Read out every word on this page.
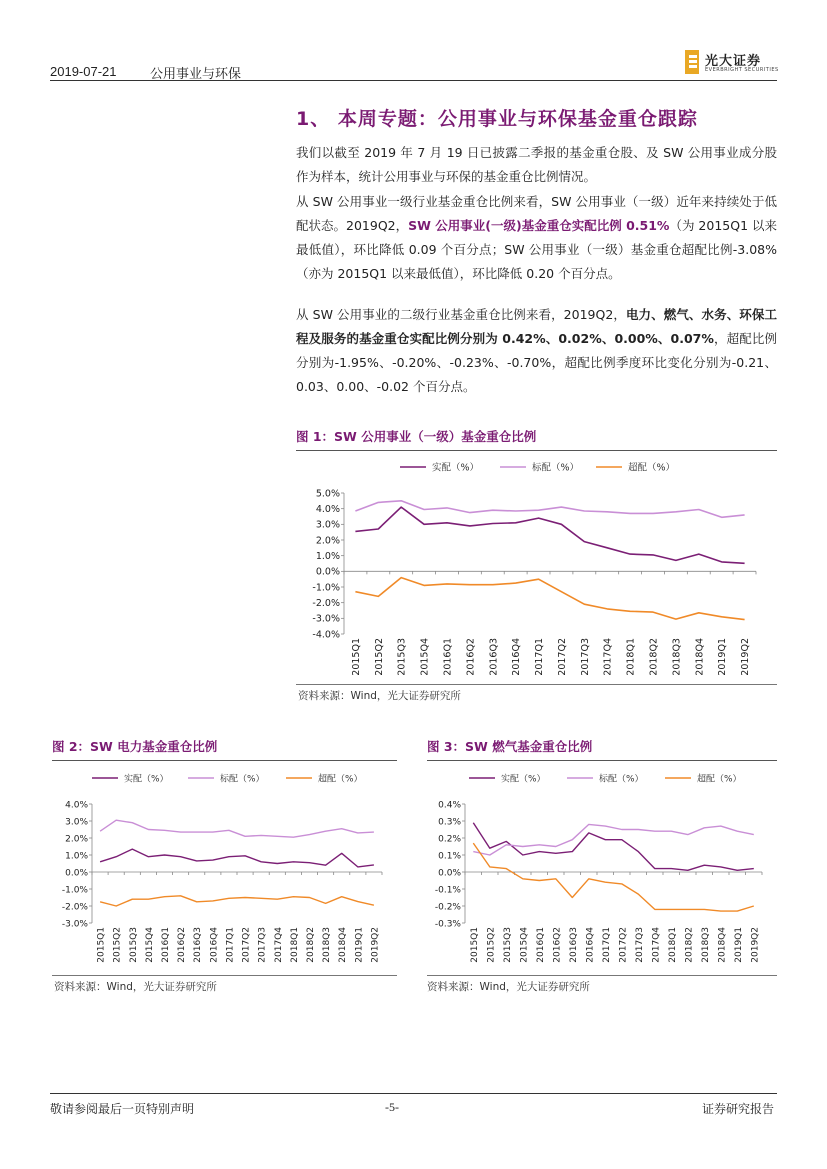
2019-07-21	公用事业与环保
光大证券
EVERBRIGHT SECURITIES
1、 本周专题：公用事业与环保基金重仓跟踪
我们以截至 2019 年 7 月 19 日已披露二季报的基金重仓股、及 SW 公用事业成分股作为样本，统计公用事业与环保的基金重仓比例情况。
从 SW 公用事业一级行业基金重仓比例来看，SW 公用事业（一级）近年来持续处于低配状态。2019Q2，SW 公用事业(一级)基金重仓实配比例 0.51%（为 2015Q1 以来最低值），环比降低 0.09 个百分点；SW 公用事业（一级）基金重仓超配比例-3.08%（亦为 2015Q1 以来最低值），环比降低 0.20 个百分点。
从 SW 公用事业的二级行业基金重仓比例来看，2019Q2，电力、燃气、水务、环保工程及服务的基金重仓实配比例分别为 0.42%、0.02%、0.00%、0.07%，超配比例分别为-1.95%、-0.20%、-0.23%、-0.70%，超配比例季度环比变化分别为-0.21、0.03、0.00、-0.02 个百分点。
图 1：SW 公用事业（一级）基金重仓比例
实配（%）	标配（%）	超配（%）
5.0%
4.0%
3.0%
2.0%
1.0%
0.0%
-1.0%
-2.0%
-3.0%
-4.0%
2015Q1 2015Q2 2015Q3 2015Q4 2016Q1 2016Q2 2016Q3 2016Q4 2017Q1 2017Q2 2017Q3 2017Q4 2018Q1 2018Q2 2018Q3 2018Q4 2019Q1 2019Q2
资料来源：Wind，光大证券研究所
图 2：SW 电力基金重仓比例
实配（%）	标配（%）	超配（%）
4.0%
3.0%
2.0%
1.0%
0.0%
-1.0%
-2.0%
-3.0%
2015Q1 2015Q2 2015Q3 2015Q4 2016Q1 2016Q2 2016Q3 2016Q4 2017Q1 2017Q2 2017Q3 2017Q4 2018Q1 2018Q2 2018Q3 2018Q4 2019Q1 2019Q2
资料来源：Wind，光大证券研究所
图 3：SW 燃气基金重仓比例
实配（%）	标配（%）	超配（%）
0.4%
0.3%
0.2%
0.1%
0.0%
-0.1%
-0.2%
-0.3%
2015Q1 2015Q2 2015Q3 2015Q4 2016Q1 2016Q2 2016Q3 2016Q4 2017Q1 2017Q2 2017Q3 2017Q4 2018Q1 2018Q2 2018Q3 2018Q4 2019Q1 2019Q2
资料来源：Wind，光大证券研究所
敬请参阅最后一页特别声明	-5-	证券研究报告
